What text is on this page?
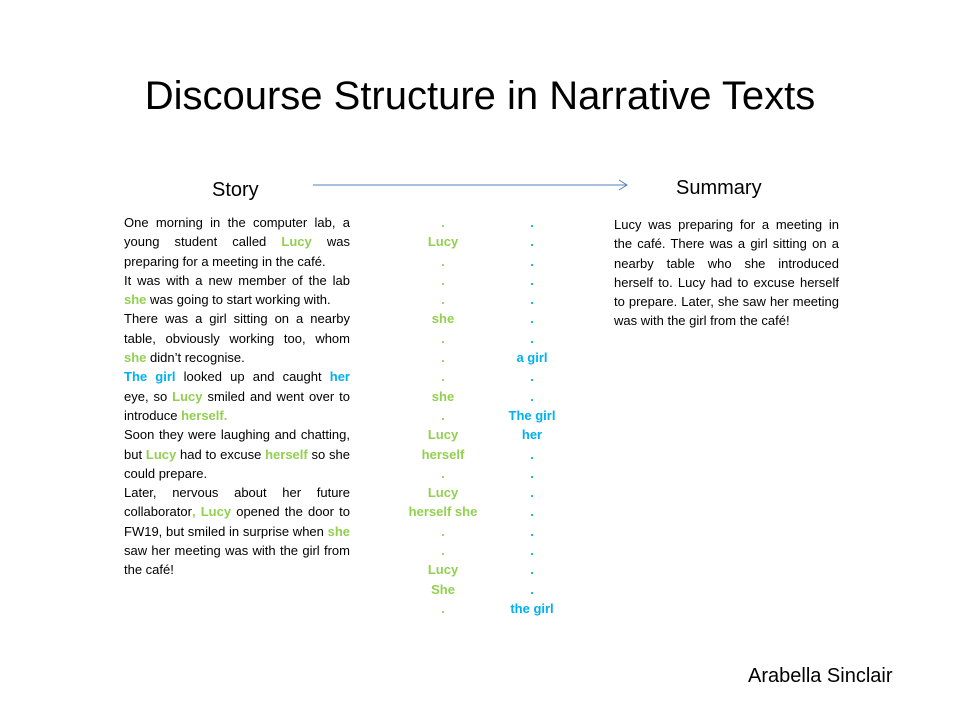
Discourse Structure in Narrative Texts
Story	Summary

One morning in the computer lab, a young student called Lucy was preparing for a meeting in the café.

It was with a new member of the lab she was going to start working with.

There was a girl sitting on a nearby table, obviously working too, whom she didn’t recognise.

The girl looked up and caught her eye, so Lucy smiled and went over to introduce herself.

Soon they were laughing and chatting, but Lucy had to excuse herself so she could prepare.

Later, nervous about her future collaborator, Lucy opened the door to FW19, but smiled in surprise when she saw her meeting was with the girl from the café!

.
Lucy
.
.
.
she
.
.
.
she
.
Lucy
herself
.
Lucy
herself she
.
.
Lucy
She
.
.
.
.
.
.
.
.
a girl
.
.
The girl
her
.
.
.
.
.
.
.
.
the girl
Lucy was preparing for a meeting in the café. There was a girl sitting on a nearby table who she introduced herself to. Lucy had to excuse herself to prepare. Later, she saw her meeting was with the girl from the café!
Arabella Sinclair
